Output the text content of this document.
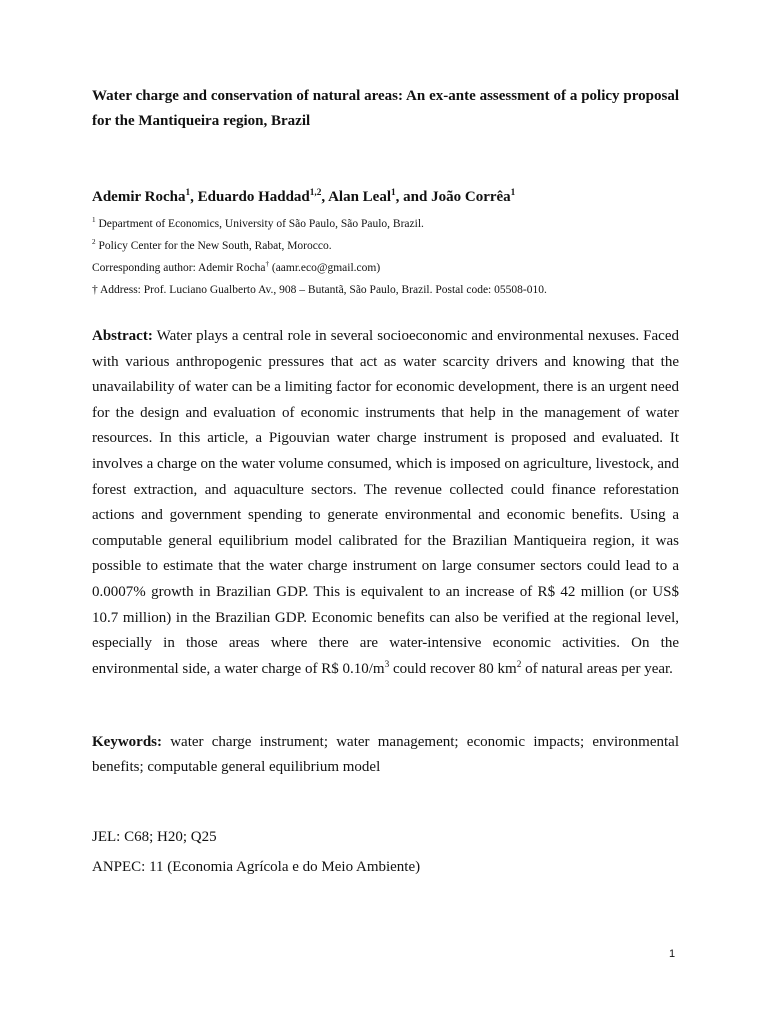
Water charge and conservation of natural areas: An ex-ante assessment of a policy proposal for the Mantiqueira region, Brazil

Ademir Rocha$^1$, Eduardo Haddad$^{1,2}$, Alan Leal$^1$, and João Corrêa$^1$
$^1$ Department of Economics, University of São Paulo, São Paulo, Brazil.
$^2$ Policy Center for the New South, Rabat, Morocco.
Corresponding author: Ademir Rocha† (aamr.eco@gmail.com)
† Address: Prof. Luciano Gualberto Av., 908 – Butantã, São Paulo, Brazil. Postal code: 05508-010.
Abstract: Water plays a central role in several socioeconomic and environmental nexuses. Faced with various anthropogenic pressures that act as water scarcity drivers and knowing that the unavailability of water can be a limiting factor for economic development, there is an urgent need for the design and evaluation of economic instruments that help in the management of water resources. In this article, a Pigouvian water charge instrument is proposed and evaluated. It involves a charge on the water volume consumed, which is imposed on agriculture, livestock, and forest extraction, and aquaculture sectors. The revenue collected could finance reforestation actions and government spending to generate environmental and economic benefits. Using a computable general equilibrium model calibrated for the Brazilian Mantiqueira region, it was possible to estimate that the water charge instrument on large consumer sectors could lead to a 0.0007% growth in Brazilian GDP. This is equivalent to an increase of R$ 42 million (or US$ 10.7 million) in the Brazilian GDP. Economic benefits can also be verified at the regional level, especially in those areas where there are water-intensive economic activities. On the environmental side, a water charge of R$ $0.10/m^3$ could recover 80 $km^2$ of natural areas per year.
Keywords: water charge instrument; water management; economic impacts; environmental benefits; computable general equilibrium model
JEL: C68; H20; Q25
ANPEC: 11 (Economia Agrícola e do Meio Ambiente)
1
